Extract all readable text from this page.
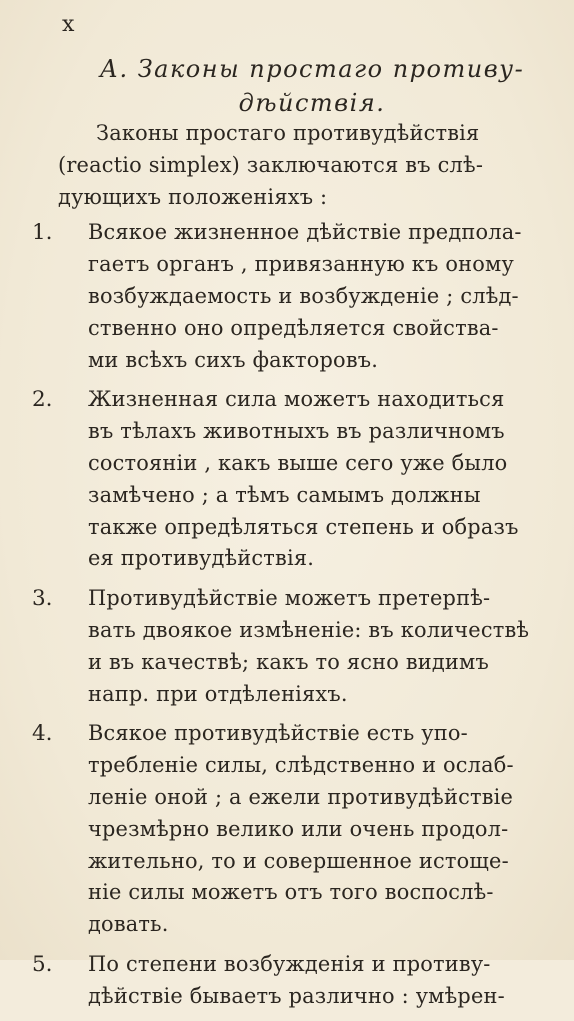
x
А. Законы простаго противу-
дѣйствія.
Законы простаго противудѣйствія
(reactio simplex) заключаются въ слѣ-
дующихъ положеніяхъ :
1.	Всякое жизненное дѣйствіе предпола-
гаетъ органъ , привязанную къ оному
возбуждаемость и возбужденіе ; слѣд-
ственно оно опредѣляется свойства-
ми всѣхъ сихъ факторовъ.
2.	Жизненная сила можетъ находиться
въ тѣлахъ животныхъ въ различномъ
состояніи , какъ выше сего уже было
замѣчено ; а тѣмъ самымъ должны
также опредѣляться степень и образъ
ея противудѣйствія.
3.	Противудѣйствіе можетъ претерпѣ-
вать двоякое измѣненіе: въ количествѣ
и въ качествѣ; какъ то ясно видимъ
напр. при отдѣленіяхъ.
4.	Всякое противудѣйствіе есть упо-
требленіе силы, слѣдственно и ослаб-
леніе оной ; а ежели противудѣйствіе
чрезмѣрно велико или очень продол-
жительно, то и совершенное истоще-
ніе силы можетъ отъ того воспослѣ-
довать.
5.	По степени возбужденія и противу-
дѣйствіе бываетъ различно : умѣрен-
